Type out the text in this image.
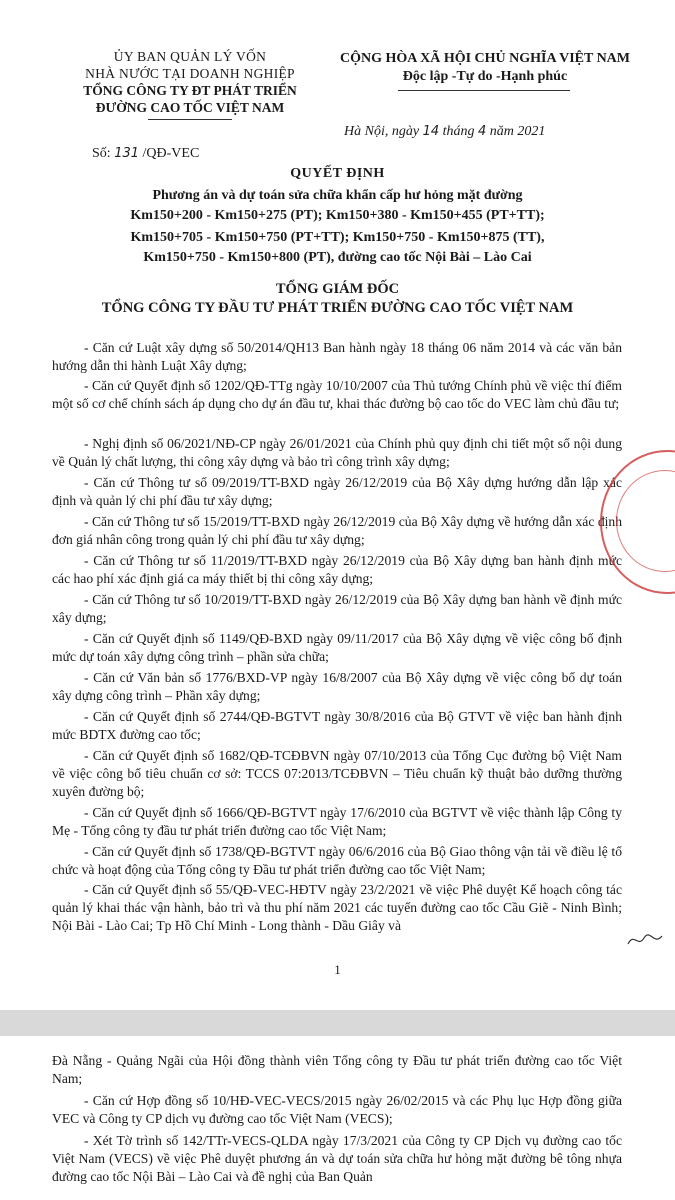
ỦY BAN QUẢN LÝ VỐN
NHÀ NƯỚC TẠI DOANH NGHIỆP
TỔNG CÔNG TY ĐT PHÁT TRIỂN
ĐƯỜNG CAO TỐC VIỆT NAM
CỘNG HÒA XÃ HỘI CHỦ NGHĨA VIỆT NAM
Độc lập -Tự do -Hạnh phúc
Hà Nội, ngày 14 tháng 4 năm 2021
Số: 131 /QĐ-VEC
QUYẾT ĐỊNH
Phương án và dự toán sửa chữa khẩn cấp hư hỏng mặt đường
Km150+200 - Km150+275 (PT); Km150+380 - Km150+455 (PT+TT);
Km150+705 - Km150+750 (PT+TT); Km150+750 - Km150+875 (TT),
Km150+750 - Km150+800 (PT), đường cao tốc Nội Bài – Lào Cai
TỔNG GIÁM ĐỐC
TỔNG CÔNG TY ĐẦU TƯ PHÁT TRIỂN ĐƯỜNG CAO TỐC VIỆT NAM
- Căn cứ Luật xây dựng số 50/2014/QH13 Ban hành ngày 18 tháng 06 năm 2014 và các văn bản hướng dẫn thi hành Luật Xây dựng;
- Căn cứ Quyết định số 1202/QĐ-TTg ngày 10/10/2007 của Thủ tướng Chính phủ về việc thí điểm một số cơ chế chính sách áp dụng cho dự án đầu tư, khai thác đường bộ cao tốc do VEC làm chủ đầu tư;
- Nghị định số 06/2021/NĐ-CP ngày 26/01/2021 của Chính phủ quy định chi tiết một số nội dung về Quản lý chất lượng, thi công xây dựng và bảo trì công trình xây dựng;
- Căn cứ Thông tư số 09/2019/TT-BXD ngày 26/12/2019 của Bộ Xây dựng hướng dẫn lập xác định và quản lý chi phí đầu tư xây dựng;
- Căn cứ Thông tư số 15/2019/TT-BXD ngày 26/12/2019 của Bộ Xây dựng về hướng dẫn xác định đơn giá nhân công trong quản lý chi phí đầu tư xây dựng;
- Căn cứ Thông tư số 11/2019/TT-BXD ngày 26/12/2019 của Bộ Xây dựng ban hành định mức các hao phí xác định giá ca máy thiết bị thi công xây dựng;
- Căn cứ Thông tư số 10/2019/TT-BXD ngày 26/12/2019 của Bộ Xây dựng ban hành về định mức xây dựng;
- Căn cứ Quyết định số 1149/QĐ-BXD ngày 09/11/2017 của Bộ Xây dựng về việc công bố định mức dự toán xây dựng công trình – phần sửa chữa;
- Căn cứ Văn bản số 1776/BXD-VP ngày 16/8/2007 của Bộ Xây dựng về việc công bố dự toán xây dựng công trình – Phần xây dựng;
- Căn cứ Quyết định số 2744/QĐ-BGTVT ngày 30/8/2016 của Bộ GTVT về việc ban hành định mức BDTX đường cao tốc;
- Căn cứ Quyết định số 1682/QĐ-TCĐBVN ngày 07/10/2013 của Tổng Cục đường bộ Việt Nam về việc công bố tiêu chuẩn cơ sở: TCCS 07:2013/TCĐBVN – Tiêu chuẩn kỹ thuật bảo dưỡng thường xuyên đường bộ;
- Căn cứ Quyết định số 1666/QĐ-BGTVT ngày 17/6/2010 của BGTVT về việc thành lập Công ty Mẹ - Tổng công ty đầu tư phát triển đường cao tốc Việt Nam;
- Căn cứ Quyết định số 1738/QĐ-BGTVT ngày 06/6/2016 của Bộ Giao thông vận tải về điều lệ tổ chức và hoạt động của Tổng công ty Đầu tư phát triển đường cao tốc Việt Nam;
- Căn cứ Quyết định số 55/QĐ-VEC-HĐTV ngày 23/2/2021 về việc Phê duyệt Kế hoạch công tác quản lý khai thác vận hành, bảo trì và thu phí năm 2021 các tuyến đường cao tốc Cầu Giẽ - Ninh Bình; Nội Bài - Lào Cai; Tp Hồ Chí Minh - Long thành - Dầu Giây và
1
Đà Nẵng - Quảng Ngãi của Hội đồng thành viên Tổng công ty Đầu tư phát triển đường cao tốc Việt Nam;
- Căn cứ Hợp đồng số 10/HĐ-VEC-VECS/2015 ngày 26/02/2015 và các Phụ lục Hợp đồng giữa VEC và Công ty CP dịch vụ đường cao tốc Việt Nam (VECS);
- Xét Tờ trình số 142/TTr-VECS-QLDA ngày 17/3/2021 của Công ty CP Dịch vụ đường cao tốc Việt Nam (VECS) về việc Phê duyệt phương án và dự toán sửa chữa hư hỏng mặt đường bê tông nhựa đường cao tốc Nội Bài – Lào Cai và đề nghị của Ban Quản
